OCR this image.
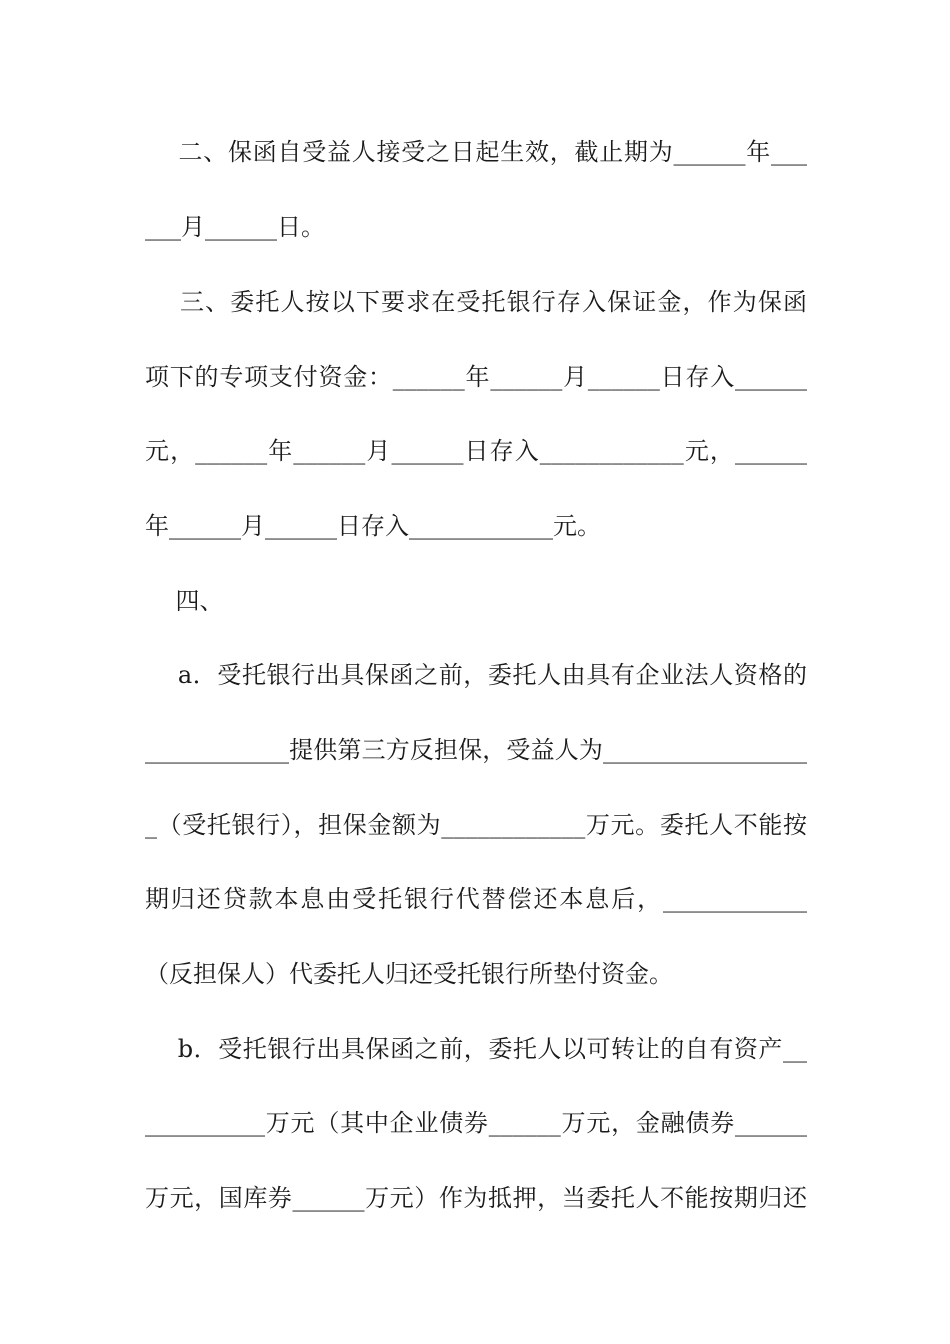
二、保函自受益人接受之日起生效，截止期为______年___
___月______日。
三、委托人按以下要求在受托银行存入保证金，作为保函
项下的专项支付资金：______年______月______日存入______
元，______年______月______日存入____________元，______
年______月______日存入____________元。
四、
a．受托银行出具保函之前，委托人由具有企业法人资格的
____________提供第三方反担保，受益人为_________________
_（受托银行），担保金额为____________万元。委托人不能按
期归还贷款本息由受托银行代替偿还本息后，____________
（反担保人）代委托人归还受托银行所垫付资金。
b．受托银行出具保函之前，委托人以可转让的自有资产__
__________万元（其中企业债券______万元，金融债券______
万元，国库券______万元）作为抵押，当委托人不能按期归还
